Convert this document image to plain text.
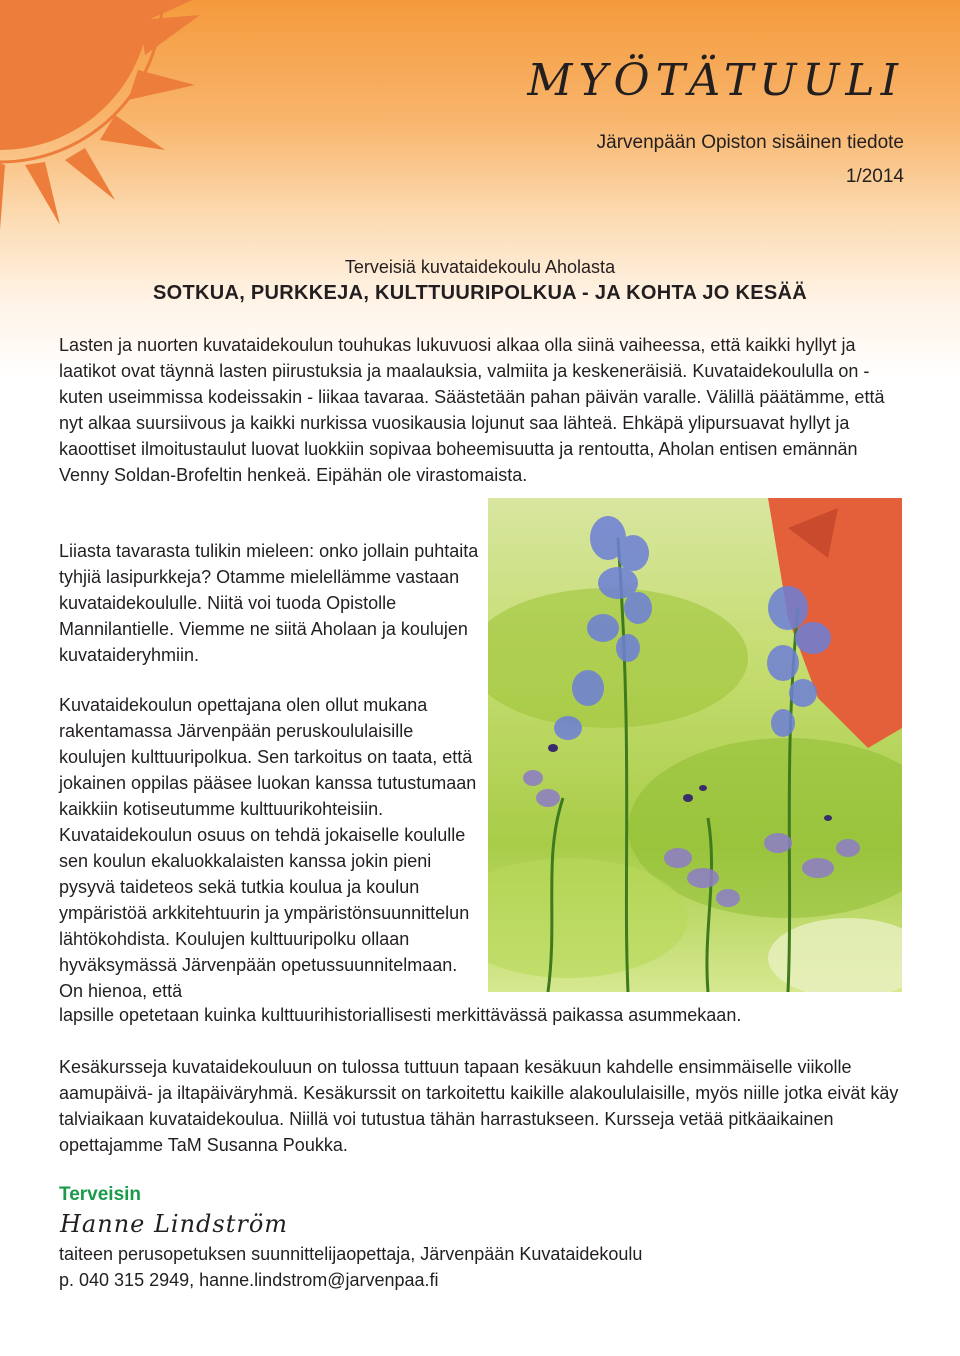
MYÖTÄTUULI
Järvenpään Opiston sisäinen tiedote
1/2014
Terveisiä kuvataidekoulu Aholasta
SOTKUA, PURKKEJA, KULTTUURIPOLKUA - JA KOHTA JO KESÄÄ

Lasten ja nuorten kuvataidekoulun touhukas lukuvuosi alkaa olla siinä vaiheessa, että kaikki hyllyt ja laatikot ovat täynnä lasten piirustuksia ja maalauksia, valmiita ja keskeneräisiä. Kuvataidekoululla on - kuten useimmissa kodeissakin - liikaa tavaraa. Säästetään pahan päivän varalle. Välillä päätämme, että nyt alkaa suursiivous ja kaikki nurkissa vuosikausia lojunut saa lähteä. Ehkäpä ylipursuavat hyllyt ja kaoottiset ilmoitustaulut luovat luokkiin sopivaa boheemisuutta ja rentoutta, Aholan entisen emännän Venny Soldan-Brofeltin henkeä. Eipähän ole virastomaista.

Liiasta tavarasta tulikin mieleen: onko jollain puhtaita tyhjiä lasipurkkeja? Otamme mielellämme vastaan kuvataidekoululle. Niitä voi tuoda Opistolle Mannilantielle. Viemme ne siitä Aholaan ja koulujen kuvataideryhmiin.

Kuvataidekoulun opettajana olen ollut mukana rakentamassa Järvenpään peruskoululaisille koulujen kulttuuripolkua. Sen tarkoitus on taata, että jokainen oppilas pääsee luokan kanssa tutustumaan kaikkiin kotiseutumme kulttuurikohteisiin. Kuvataidekoulun osuus on tehdä jokaiselle koululle sen koulun ekaluokkalaisten kanssa jokin pieni pysyvä taideteos sekä tutkia koulua ja koulun ympäristöä arkkitehtuurin ja ympäristönsuunnittelun lähtökohdista. Koulujen kulttuuripolku ollaan hyväksymässä Järvenpään opetussuunnitelmaan. On hienoa, että

lapsille opetetaan kuinka kulttuurihistoriallisesti merkittävässä paikassa asummekaan.

Kesäkursseja kuvataidekouluun on tulossa tuttuun tapaan kesäkuun kahdelle ensimmäiselle viikolle aamupäivä- ja iltapäiväryhmä. Kesäkurssit on tarkoitettu kaikille alakoululaisille, myös niille jotka eivät käy talviaikaan kuvataidekoulua. Niillä voi tutustua tähän harrastukseen. Kursseja vetää pitkäaikainen opettajamme TaM Susanna Poukka.

Terveisin
Hanne Lindström
taiteen perusopetuksen suunnittelijaopettaja, Järvenpään Kuvataidekoulu
p. 040 315 2949, hanne.lindstrom@jarvenpaa.fi
